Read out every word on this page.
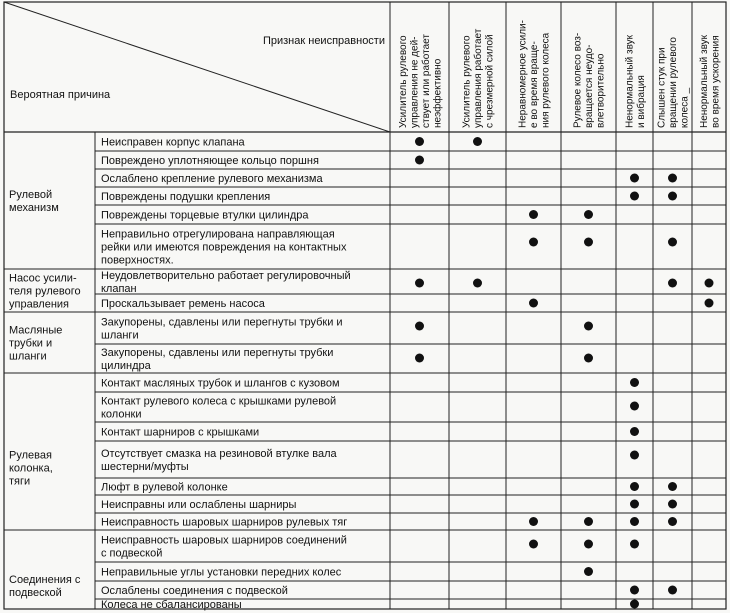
Признак неисправности
Вероятная причина	Усилитель рулевого управления не дей- ствует или работает неэффективно Усилитель рулевого управления работает с чрезмерной силой Неравномерное усили- е во время враще- ния рулевого колеса Рулевое колесо воз- вращается неудо- влетворительно Ненормальный звук и вибрация Слышен стук при вращении рулевого колеса _ Ненормальный звук во время ускорения
Рулевой
механизм
Насос усили-
теля рулевого
управления
Масляные
трубки и
шланги
Рулевая
колонка,
тяги
Соединения с
подвеской
Неисправен корпус клапана
Повреждено уплотняющее кольцо поршня
Ослаблено крепление рулевого механизма
Повреждены подушки крепления
Повреждены торцевые втулки цилиндра
Неправильно отрегулирована направляющая
рейки или имеются повреждения на контактных
поверхностях.
Неудовлетворительно работает регулировочный
клапан
Проскальзывает ремень насоса
Закупорены, сдавлены или перегнуты трубки и
шланги
Закупорены, сдавлены или перегнуты трубки
цилиндра
Контакт масляных трубок и шлангов с кузовом
Контакт рулевого колеса с крышками рулевой
колонки
Контакт шарниров с крышками
Отсутствует смазка на резиновой втулке вала
шестерни/муфты
Люфт в рулевой колонке
Неисправны или ослаблены шарниры
Неисправность шаровых шарниров рулевых тяг
Неисправность шаровых шарниров соединений
с подвеской
Неправильные углы установки передних колес
Ослаблены соединения с подвеской
Колеса не сбалансированы
